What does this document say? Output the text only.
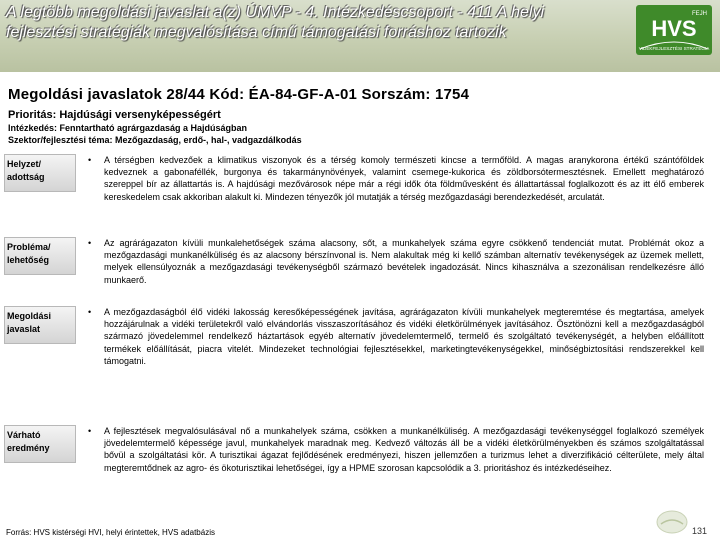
A legtöbb megoldási javaslat a(z) ÚMVP - 4. Intézkedéscsoport - 411 A helyi fejlesztési stratégiák megvalósítása című támogatási forráshoz tartozik
FEJH
HVS
VIDÉKFEJLESZTÉSI STRATÉGIA
Megoldási javaslatok 28/44 Kód: ÉA-84-GF-A-01 Sorszám: 1754
Prioritás: Hajdúsági versenyképességért
Intézkedés: Fenntartható agrárgazdaság a Hajdúságban
Szektor/fejlesztési téma: Mezőgazdaság, erdő-, hal-, vadgazdálkodás
Helyzet/ adottság
• A térségben kedvezőek a klimatikus viszonyok és a térség komoly természeti kincse a termőföld. A magas aranykorona értékű szántóföldek kedveznek a gabonaféllék, burgonya és takarmánynövények, valamint csemege-kukorica és zöldborsótermesztésnek. Emellett meghatározó szereppel bír az állattartás is. A hajdúsági mezővárosok népe már a régi idők óta földművesként és állattartással foglalkozott és az itt élő emberek kereskedelem csak akkoriban alakult ki. Mindezen tényezők jól mutatják a térség mezőgazdasági berendezkedését, arculatát.
Probléma/ lehetőség
• Az agrárágazaton kívüli munkalehetőségek száma alacsony, sőt, a munkahelyek száma egyre csökkenő tendenciát mutat. Problémát okoz a mezőgazdasági munkanélküliség és az alacsony bérszínvonal is. Nem alakultak még ki kellő számban alternatív tevékenységek az üzemek mellett, melyek ellensúlyoznák a mezőgazdasági tevékenységből származó bevételek ingadozását. Nincs kihasználva a szezonálisan rendelkezésre álló munkaerő.
Megoldási javaslat
• A mezőgazdaságból élő vidéki lakosság keresőképességének javítása, agrárágazaton kívüli munkahelyek megteremtése és megtartása, amelyek hozzájárulnak a vidéki területekről való elvándorlás visszaszorításához és vidéki életkörülmények javításához. Ösztönözni kell a mezőgazdaságból származó jövedelemmel rendelkező háztartások egyéb alternatív jövedelemtermelő, termelő és szolgáltató tevékenységét, a helyben előállított termékek előállítását, piacra vitelét. Mindezeket technológiai fejlesztésekkel, marketingtevékenységekkel, minőségbiztosítási rendszerekkel kell támogatni.
Várható eredmény
• A fejlesztések megvalósulásával nő a munkahelyek száma, csökken a munkanélküliség. A mezőgazdasági tevékenységgel foglalkozó személyek jövedelemtermelő képessége javul, munkahelyek maradnak meg. Kedvező változás áll be a vidéki életkörülményekben és számos szolgáltatással bővül a szolgáltatási kör. A turisztikai ágazat fejlődésének eredményezi, hiszen jellemzően a turizmus lehet a diverzifikáció célterülete, mely által megteremtődnek az agro- és ökoturisztikai lehetőségei, így a HPME szorosan kapcsolódik a 3. prioritáshoz és intézkedéseihez.
Forrás: HVS kistérségi HVI, helyi érintettek, HVS adatbázis	131
